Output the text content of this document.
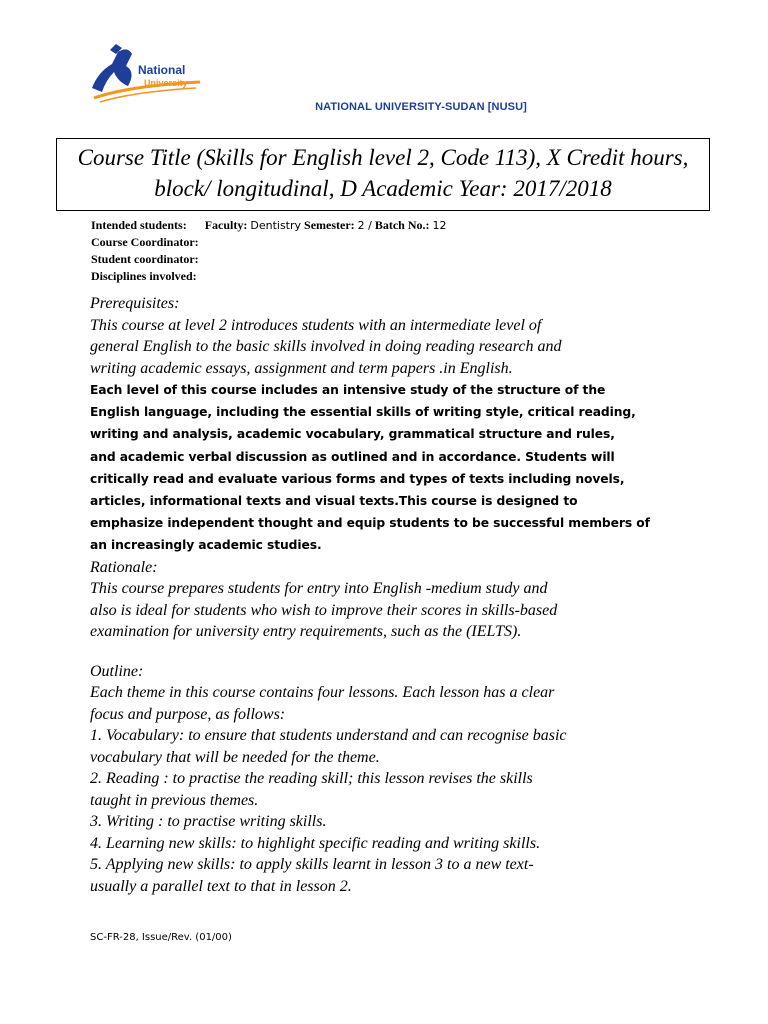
National
University
NATIONAL UNIVERSITY-SUDAN [NUSU]
Course Title (Skills for English level 2, Code 113), X Credit hours,
block/ longitudinal, D Academic Year: 2017/2018
Intended students: Faculty: Dentistry Semester: 2 / Batch No.: 12
Course Coordinator:
Student coordinator:
Disciplines involved:

Prerequisites:

This course at level 2 introduces students with an intermediate level of

general English to the basic skills involved in doing reading research and

writing academic essays, assignment and term papers .in English.

Each level of this course includes an intensive study of the structure of the

English language, including the essential skills of writing style, critical reading,

writing and analysis, academic vocabulary, grammatical structure and rules,

and academic verbal discussion as outlined and in accordance. Students will

critically read and evaluate various forms and types of texts including novels,

articles, informational texts and visual texts.This course is designed to

emphasize independent thought and equip students to be successful members of

an increasingly academic studies.

Rationale:

This course prepares students for entry into English -medium study and

also is ideal for students who wish to improve their scores in skills-based

examination for university entry requirements, such as the (IELTS).

Outline:

Each theme in this course contains four lessons. Each lesson has a clear

focus and purpose, as follows:

1. Vocabulary: to ensure that students understand and can recognise basic

vocabulary that will be needed for the theme.

2. Reading : to practise the reading skill; this lesson revises the skills

taught in previous themes.

3. Writing : to practise writing skills.

4. Learning new skills: to highlight specific reading and writing skills.

5. Applying new skills: to apply skills learnt in lesson 3 to a new text-

usually a parallel text to that in lesson 2.

SC-FR-28, Issue/Rev. (01/00)
